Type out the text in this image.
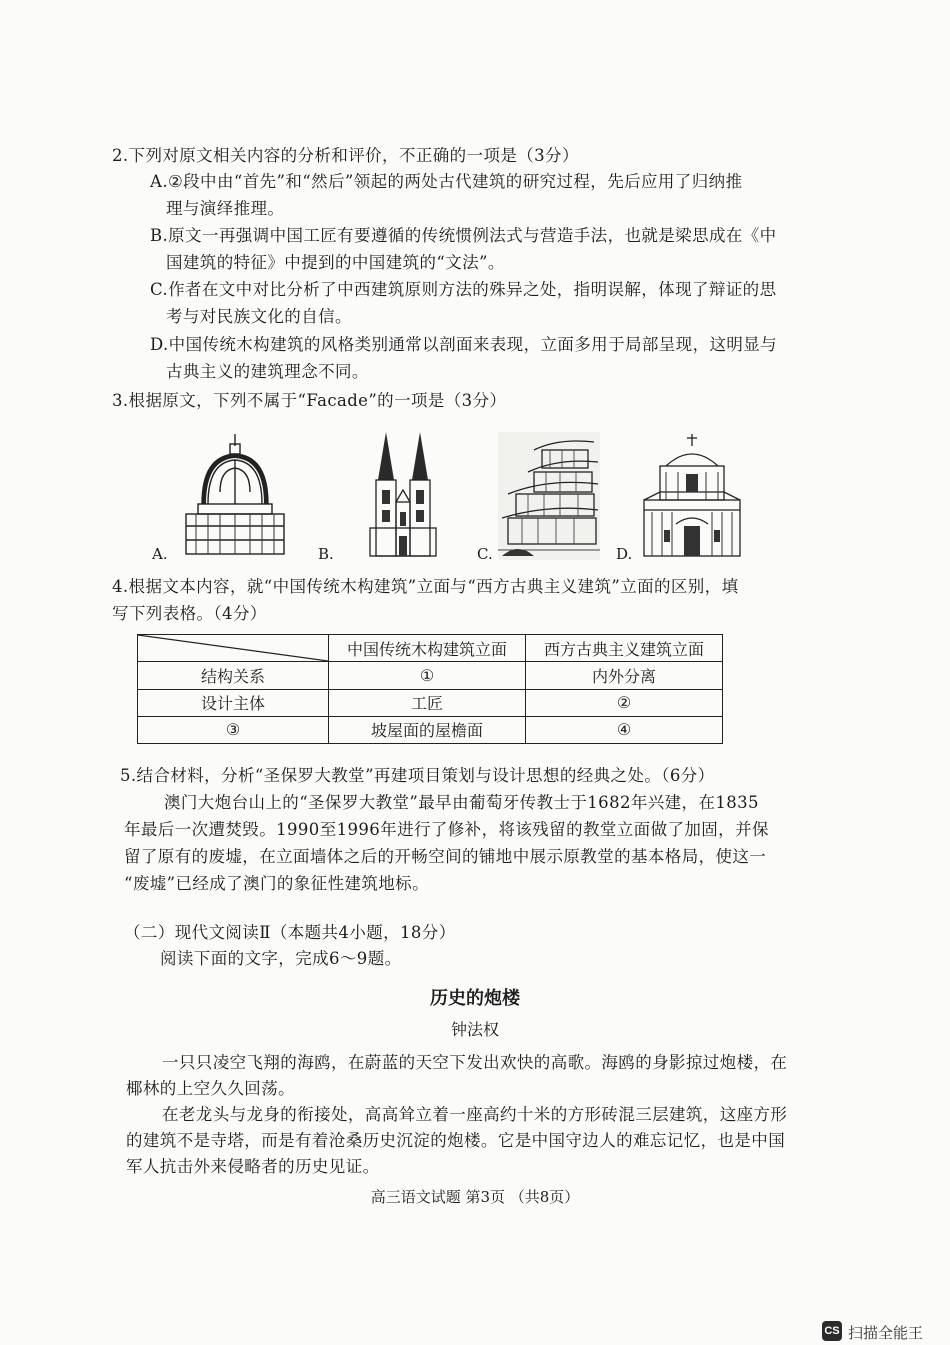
2.下列对原文相关内容的分析和评价，不正确的一项是（3分）
A.②段中由“首先”和“然后”领起的两处古代建筑的研究过程，先后应用了归纳推
理与演绎推理。
B.原文一再强调中国工匠有要遵循的传统惯例法式与营造手法，也就是梁思成在《中
国建筑的特征》中提到的中国建筑的“文法”。
C.作者在文中对比分析了中西建筑原则方法的殊异之处，指明误解，体现了辩证的思
考与对民族文化的自信。
D.中国传统木构建筑的风格类别通常以剖面来表现，立面多用于局部呈现，这明显与
古典主义的建筑理念不同。
3.根据原文，下列不属于“Facade”的一项是（3分）
A.	B.	C.	D.
4.根据文本内容，就“中国传统木构建筑”立面与“西方古典主义建筑”立面的区别，填
写下列表格。（4分）
	中国传统木构建筑立面	西方古典主义建筑立面
结构关系	①	内外分离
设计主体	工匠	②
③	坡屋面的屋檐面	④
5.结合材料，分析“圣保罗大教堂”再建项目策划与设计思想的经典之处。（6分）
澳门大炮台山上的“圣保罗大教堂”最早由葡萄牙传教士于1682年兴建，在1835
年最后一次遭焚毁。1990至1996年进行了修补，将该残留的教堂立面做了加固，并保
留了原有的废墟，在立面墙体之后的开畅空间的铺地中展示原教堂的基本格局，使这一
“废墟”已经成了澳门的象征性建筑地标。
（二）现代文阅读Ⅱ（本题共4小题，18分）
阅读下面的文字，完成6～9题。
历史的炮楼
钟法权
一只只凌空飞翔的海鸥，在蔚蓝的天空下发出欢快的高歌。海鸥的身影掠过炮楼，在
椰林的上空久久回荡。
在老龙头与龙身的衔接处，高高耸立着一座高约十米的方形砖混三层建筑，这座方形
的建筑不是寺塔，而是有着沧桑历史沉淀的炮楼。它是中国守边人的难忘记忆，也是中国
军人抗击外来侵略者的历史见证。
高三语文试题 第3页 （共8页）
CS 扫描全能王
